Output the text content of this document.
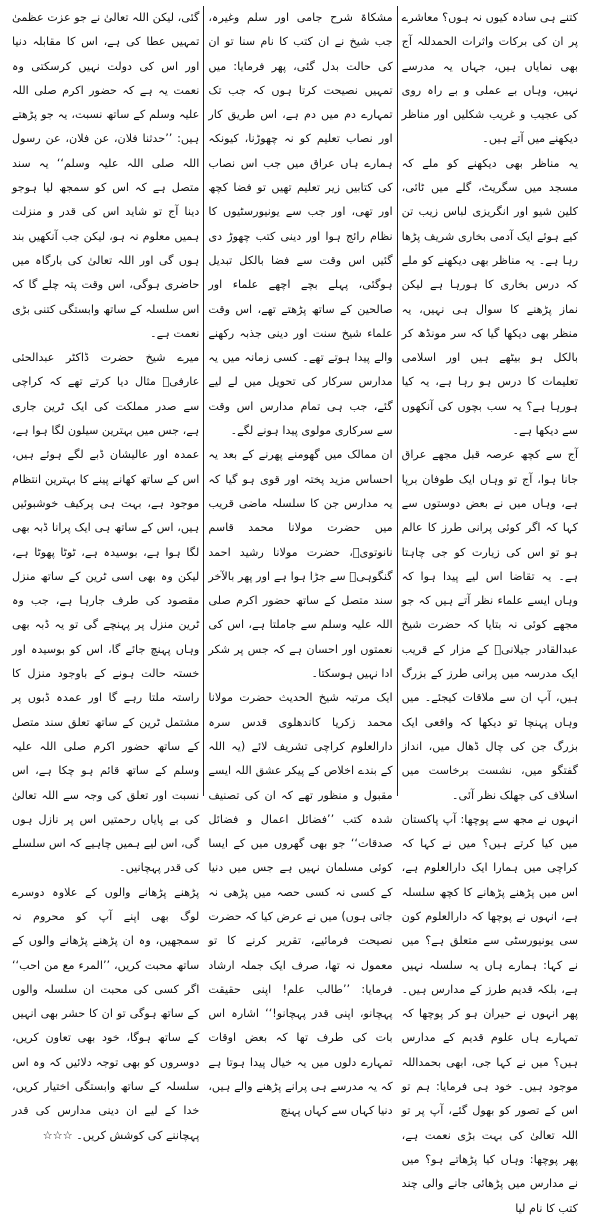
گئی، لیکن اللہ تعالیٰ نے جو عزت عظمیٰ تمہیں عطا کی ہے، اس کا مقابلہ دنیا اور اس کی دولت نہیں کرسکتی وہ نعمت یہ ہے کہ حضور اکرم صلی اللہ علیہ وسلم کے ساتھ نسبت، یہ جو پڑھتے ہیں: ’’حدثنا فلان، عن فلان، عن رسول اللہ صلی اللہ علیہ وسلم‘‘ یہ سند متصل ہے کہ اس کو سمجھ لیا ہوجو دینا آج تو شاید اس کی قدر و منزلت ہمیں معلوم نہ ہو، لیکن جب آنکھیں بند ہوں گی اور اللہ تعالیٰ کی بارگاہ میں حاضری ہوگی، اس وقت پتہ چلے گا کہ اس سلسلہ کے ساتھ وابستگی کتنی بڑی نعمت ہے۔

میرے شیخ حضرت ڈاکٹر عبدالحئی عارفیؒ مثال دیا کرتے تھے کہ کراچی سے صدر مملکت کی ایک ٹرین جاری ہے، جس میں بہترین سیلون لگا ہوا ہے، عمدہ اور عالیشان ڈبے لگے ہوئے ہیں، اس کے ساتھ کھانے پینے کا بہترین انتظام موجود ہے، بہت ہی پرکیف خوشبوئیں ہیں، اس کے ساتھ ہی ایک پرانا ڈبہ بھی لگا ہوا ہے، بوسیدہ ہے، ٹوٹا پھوٹا ہے، لیکن وہ بھی اسی ٹرین کے ساتھ منزل مقصود کی طرف جارہا ہے، جب وہ ٹرین منزل پر پہنچے گی تو یہ ڈبہ بھی وہاں پہنچ جائے گا، اس کو بوسیدہ اور خستہ حالت ہونے کے باوجود منزل کا راستہ ملتا رہے گا اور عمدہ ڈبوں پر مشتمل ٹرین کے ساتھ تعلق سند متصل کے ساتھ حضور اکرم صلی اللہ علیہ وسلم کے ساتھ قائم ہو چکا ہے، اس نسبت اور تعلق کی وجہ سے اللہ تعالیٰ کی بے پایاں رحمتیں اس پر نازل ہوں گی، اس لیے ہمیں چاہیے کہ اس سلسلے کی قدر پہچانیں۔

پڑھنے پڑھانے والوں کے علاوہ دوسرے لوگ بھی اپنے آپ کو محروم نہ سمجھیں، وہ ان پڑھنے پڑھانے والوں کے ساتھ محبت کریں، ’’المرء مع من احب‘‘ اگر کسی کی محبت ان سلسلہ والوں کے ساتھ ہوگی تو ان کا حشر بھی انہیں کے ساتھ ہوگا، خود بھی تعاون کریں، دوسروں کو بھی توجہ دلائیں کہ وہ اس سلسلہ کے ساتھ وابستگی اختیار کریں، خدا کے لیے ان دینی مدارس کی قدر پہچاننے کی کوشش کریں۔ ☆☆☆

مشکاۃ شرح جامی اور سلم وغیرہ، جب شیخ نے ان کتب کا نام سنا تو ان کی حالت بدل گئی، پھر فرمایا: میں تمہیں نصیحت کرتا ہوں کہ جب تک تمہارے دم میں دم ہے، اس طریق کار اور نصاب تعلیم کو نہ چھوڑنا، کیونکہ ہمارے ہاں عراق میں جب اس نصاب کی کتابیں زیر تعلیم تھیں تو فضا کچھ اور تھی، اور جب سے یونیورسٹیوں کا نظام رائج ہوا اور دینی کتب چھوڑ دی گئیں اس وقت سے فضا بالکل تبدیل ہوگئی، پہلے بچے اچھے علماء اور صالحین کے ساتھ پڑھتے تھے، اس وقت علماء شیخ سنت اور دینی جذبہ رکھنے والے پیدا ہوتے تھے۔ کسی زمانہ میں یہ مدارس سرکار کی تحویل میں لے لیے گئے، جب ہی تمام مدارس اس وقت سے سرکاری مولوی پیدا ہونے لگے۔

ان ممالک میں گھومنے پھرنے کے بعد یہ احساس مزید پختہ اور قوی ہو گیا کہ یہ مدارس جن کا سلسلہ ماضی قریب میں حضرت مولانا محمد قاسم نانوتویؒ، حضرت مولانا رشید احمد گنگوہیؒ سے جڑا ہوا ہے اور پھر بالآخر سند متصل کے ساتھ حضور اکرم صلی اللہ علیہ وسلم سے جاملتا ہے، اس کی نعمتوں اور احسان ہے کہ جس پر شکر ادا نہیں ہوسکتا۔

ایک مرتبہ شیخ الحدیث حضرت مولانا محمد زکریا کاندھلوی قدس سرہ دارالعلوم کراچی تشریف لائے (یہ اللہ کے بندے اخلاص کے پیکر عشق اللہ ایسے مقبول و منظور تھے کہ ان کی تصنیف شدہ کتب ’’فضائل اعمال و فضائل صدقات‘‘ جو بھی گھروں میں کے ایسا کوئی مسلمان نہیں ہے جس میں دنیا کے کسی نہ کسی حصہ میں پڑھی نہ جاتی ہوں) میں نے عرض کیا کہ حضرت نصیحت فرمائیے، تقریر کرنے کا تو معمول نہ تھا، صرف ایک جملہ ارشاد فرمایا: ’’طالب علم! اپنی حقیقت پہچانو، اپنی قدر پہچانو!‘‘ اشارہ اس بات کی طرف تھا کہ بعض اوقات تمہارے دلوں میں یہ خیال پیدا ہوتا ہے کہ یہ مدرسے ہی پرانے پڑھنے والے ہیں، دنیا کہاں سے کہاں پہنچ

کتنے ہی سادہ کیوں نہ ہوں؟ معاشرے پر ان کی برکات واثرات الحمدللہ آج بھی نمایاں ہیں، جہاں یہ مدرسے نہیں، وہاں بے عملی و بے راہ روی کی عجیب و غریب شکلیں اور مناظر دیکھنے میں آتے ہیں۔

یہ مناظر بھی دیکھنے کو ملے کہ مسجد میں سگریٹ، گلے میں ٹائی، کلین شیو اور انگریزی لباس زیب تن کیے ہوئے ایک آدمی بخاری شریف پڑھا رہا ہے۔ یہ مناظر بھی دیکھنے کو ملے کہ درس بخاری کا ہورہا ہے لیکن نماز پڑھنے کا سوال ہی نہیں، یہ منظر بھی دیکھا گیا کہ سر مونڈھ کر بالکل ہو بیٹھے ہیں اور اسلامی تعلیمات کا درس ہو رہا ہے، یہ کیا ہورہا ہے؟ یہ سب بچوں کی آنکھوں سے دیکھا ہے۔

آج سے کچھ عرصہ قبل مجھے عراق جانا ہوا، آج تو وہاں ایک طوفان برپا ہے، وہاں میں نے بعض دوستوں سے کہا کہ اگر کوئی پرانی طرز کا عالم ہو تو اس کی زیارت کو جی چاہتا ہے۔ یہ تقاضا اس لیے پیدا ہوا کہ وہاں ایسے علماء نظر آتے ہیں کہ جو مجھے کوئی نہ بتایا کہ حضرت شیخ عبدالقادر جیلانیؒ کے مزار کے قریب ایک مدرسہ میں پرانی طرز کے بزرگ ہیں، آپ ان سے ملاقات کیجئے۔ میں وہاں پہنچا تو دیکھا کہ واقعی ایک بزرگ جن کی چال ڈھال میں، انداز گفتگو میں، نشست برخاست میں اسلاف کی جھلک نظر آئی۔

انہوں نے مجھ سے پوچھا: آپ پاکستان میں کیا کرتے ہیں؟ میں نے کہا کہ کراچی میں ہمارا ایک دارالعلوم ہے، اس میں پڑھنے پڑھانے کا کچھ سلسلہ ہے، انہوں نے پوچھا کہ دارالعلوم کون سی یونیورسٹی سے متعلق ہے؟ میں نے کہا: ہمارے ہاں یہ سلسلہ نہیں ہے، بلکہ قدیم طرز کے مدارس ہیں۔ پھر انہوں نے حیران ہو کر پوچھا کہ تمہارے ہاں علوم قدیم کے مدارس ہیں؟ میں نے کہا جی، ابھی بحمداللہ موجود ہیں۔ خود ہی فرمایا: ہم تو اس کے تصور کو بھول گئے، آپ پر تو اللہ تعالیٰ کی بہت بڑی نعمت ہے، پھر پوچھا: وہاں کیا پڑھاتے ہو؟ میں نے مدارس میں پڑھائی جانے والی چند کتب کا نام لیا
